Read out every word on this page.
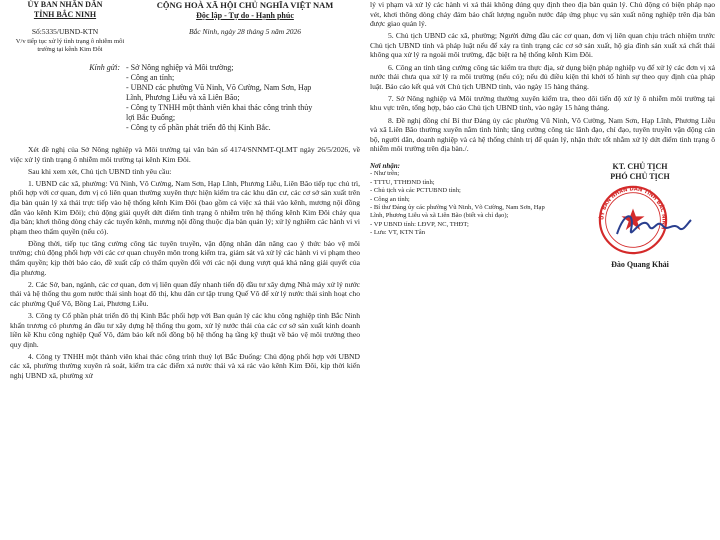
ỦY BAN NHÂN DÂN
TỈNH BẮC NINH
CỘNG HOÀ XÃ HỘI CHỦ NGHĨA VIỆT NAM
Độc lập - Tự do - Hạnh phúc
Số:5335/UBND-KTN	Bắc Ninh, ngày 28 tháng 5 năm 2026
V/v tiếp tục xử lý tình trạng ô nhiễm môi trường tại kênh Kim Đôi
Kính gửi: - Sở Nông nghiệp và Môi trường;
- Công an tỉnh;
- UBND các phường Vũ Ninh, Võ Cường, Nam Sơn, Hạp Lĩnh, Phương Liễu và xã Liên Bão;
- Công ty TNHH một thành viên khai thác công trình thủy lợi Bắc Đuống;
- Công ty cổ phần phát triển đô thị Kinh Bắc.

Xét đề nghị của Sở Nông nghiệp và Môi trường tại văn bản số 4174/SNNMT-QLMT ngày 26/5/2026, về việc xử lý tình trạng ô nhiễm môi trường tại kênh Kim Đôi.

Sau khi xem xét, Chủ tịch UBND tỉnh yêu cầu:

1. UBND các xã, phường: Vũ Ninh, Võ Cường, Nam Sơn, Hạp Lĩnh, Phương Liễu, Liên Bão tiếp tục chủ trì, phối hợp với cơ quan, đơn vị có liên quan thường xuyên thực hiện kiểm tra các khu dân cư, các cơ sở sản xuất trên địa bàn quản lý xả thải trực tiếp vào hệ thống kênh Kim Đôi (bao gồm cả việc xả thải vào kênh, mương nội đồng dẫn vào kênh Kim Đôi); chủ động giải quyết dứt điểm tình trạng ô nhiễm trên hệ thống kênh Kim Đôi chảy qua địa bàn; khơi thông dòng chảy các tuyến kênh, mương nội đồng thuộc địa bàn quản lý; xử lý nghiêm các hành vi vi phạm theo thẩm quyền (nếu có).

Đồng thời, tiếp tục tăng cường công tác tuyên truyền, vận động nhân dân nâng cao ý thức bảo vệ môi trường; chủ động phối hợp với các cơ quan chuyên môn trong kiểm tra, giám sát và xử lý các hành vi vi phạm theo thẩm quyền; kịp thời báo cáo, đề xuất cấp có thẩm quyền đối với các nội dung vượt quá khả năng giải quyết của địa phương.

2. Các Sở, ban, ngành, các cơ quan, đơn vị liên quan đẩy nhanh tiến độ đầu tư xây dựng Nhà máy xử lý nước thải và hệ thống thu gom nước thải sinh hoạt đô thị, khu dân cư tập trung Quế Võ để xử lý nước thải sinh hoạt cho các phường Quế Võ, Bồng Lai, Phương Liễu.

3. Công ty Cổ phần phát triển đô thị Kinh Bắc phối hợp với Ban quản lý các khu công nghiệp tỉnh Bắc Ninh khẩn trương có phương án đầu tư xây dựng hệ thống thu gom, xử lý nước thải của các cơ sở sản xuất kinh doanh liền kề Khu công nghiệp Quế Võ, đảm bảo kết nối đồng bộ hệ thống hạ tầng kỹ thuật về bảo vệ môi trường theo quy định.

4. Công ty TNHH một thành viên khai thác công trình thuỷ lợi Bắc Đuống: Chủ động phối hợp với UBND các xã, phường thường xuyên rà soát, kiểm tra các điểm xả nước thải và xả rác vào kênh Kim Đôi, kịp thời kiến nghị UBND xã, phường xử

lý vi phạm và xử lý các hành vi xả thải không đúng quy định theo địa bàn quản lý. Chủ động có biện pháp nạo vét, khơi thông dòng chảy đảm bảo chất lượng nguồn nước đáp ứng phục vụ sản xuất nông nghiệp trên địa bàn được giao quản lý.

5. Chủ tịch UBND các xã, phường; Người đứng đầu các cơ quan, đơn vị liên quan chịu trách nhiệm trước Chủ tịch UBND tỉnh và pháp luật nếu để xảy ra tình trạng các cơ sở sản xuất, hộ gia đình sản xuất xả chất thải không qua xử lý ra ngoài môi trường, đặc biệt ra hệ thống kênh Kim Đôi.

6. Công an tỉnh tăng cường công tác kiểm tra thực địa, sử dụng biện pháp nghiệp vụ để xử lý các đơn vị xả nước thải chưa qua xử lý ra môi trường (nếu có); nếu đủ điều kiện thì khởi tố hình sự theo quy định của pháp luật. Báo cáo kết quả với Chủ tịch UBND tỉnh, vào ngày 15 hàng tháng.

7. Sở Nông nghiệp và Môi trường thường xuyên kiểm tra, theo dõi tiến độ xử lý ô nhiễm môi trường tại khu vực trên, tổng hợp, báo cáo Chủ tịch UBND tỉnh, vào ngày 15 hàng tháng.

8. Đề nghị đồng chí Bí thư Đảng ủy các phường Vũ Ninh, Võ Cường, Nam Sơn, Hạp Lĩnh, Phương Liễu và xã Liên Bão thường xuyên nắm tình hình; tăng cường công tác lãnh đạo, chỉ đạo, tuyên truyền vận động cán bộ, người dân, doanh nghiệp và cả hệ thống chính trị để quản lý, nhận thức tốt nhằm xử lý dứt điểm tình trạng ô nhiễm môi trường trên địa bàn./.

Nơi nhận:
- Như trên;
- TTTU, TTHĐND tỉnh;
- Chủ tịch và các PCTUBND tỉnh;
- Công an tỉnh;
- Bí thư Đảng ủy các phường Vũ Ninh, Võ Cường, Nam Sơn, Hạp Lĩnh, Phương Liễu và xã Liên Bão (biết và chỉ đạo);
- VP UBND tỉnh: LĐVP, NC, THĐT;
- Lưu: VT, KTN Tân
KT. CHỦ TỊCH
PHÓ CHỦ TỊCH
ỦY BAN NHÂN DÂN TỈNH BẮC NINH
Đào Quang Khải
